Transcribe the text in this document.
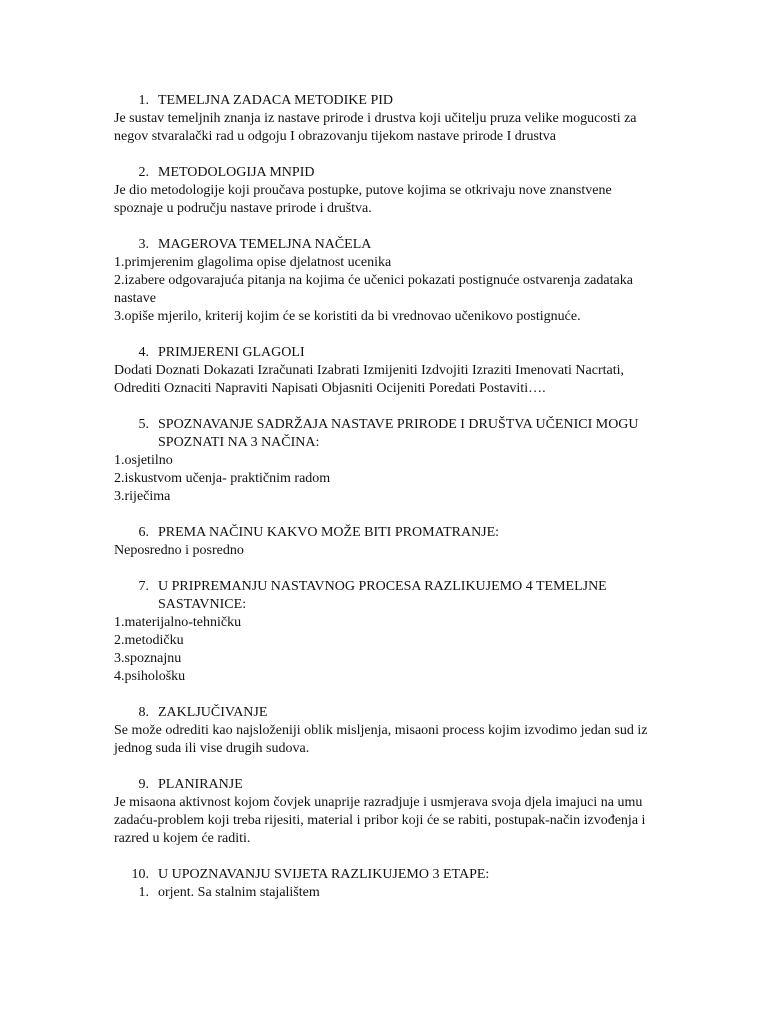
1. TEMELJNA ZADACA METODIKE PID
Je sustav temeljnih znanja iz nastave prirode i drustva koji učitelju pruza velike mogucosti za negov stvaralački rad u odgoju I obrazovanju tijekom nastave prirode I drustva
2. METODOLOGIJA MNPID
Je dio metodologije koji proučava postupke, putove kojima se otkrivaju nove znanstvene spoznaje u području nastave prirode i društva.
3. MAGEROVA TEMELJNA NAČELA
1.primjerenim glagolima opise djelatnost ucenika
2.izabere odgovarajuća pitanja na kojima će učenici pokazati postignuće ostvarenja zadataka nastave
3.opiše mjerilo, kriterij kojim će se koristiti da bi vrednovao učenikovo postignuće.
4. PRIMJERENI GLAGOLI
Dodati Doznati Dokazati Izračunati Izabrati Izmijeniti Izdvojiti Izraziti Imenovati Nacrtati, Odrediti Oznaciti Napraviti Napisati Objasniti Ocijeniti Poredati Postaviti….
5. SPOZNAVANJE SADRŽAJA NASTAVE PRIRODE I DRUŠTVA UČENICI MOGU SPOZNATI NA 3 NAČINA:
1.osjetilno
2.iskustvom učenja- praktičnim radom
3.riječima
6. PREMA NAČINU KAKVO MOŽE BITI PROMATRANJE:
Neposredno i posredno
7. U PRIPREMANJU NASTAVNOG PROCESA RAZLIKUJEMO 4 TEMELJNE SASTAVNICE:
1.materijalno-tehničku
2.metodičku
3.spoznajnu
4.psihološku
8. ZAKLJUČIVANJE
Se može odrediti kao najsloženiji oblik misljenja, misaoni process kojim izvodimo jedan sud iz jednog suda ili vise drugih sudova.
9. PLANIRANJE
Je misaona aktivnost kojom čovjek unaprije razradjuje i usmjerava svoja djela imajuci na umu zadaću-problem koji treba rijesiti, material i pribor koji će se rabiti, postupak-način izvođenja i razred u kojem će raditi.
10. U UPOZNAVANJU SVIJETA RAZLIKUJEMO 3 ETAPE:
1. orjent. Sa stalnim stajalištem
